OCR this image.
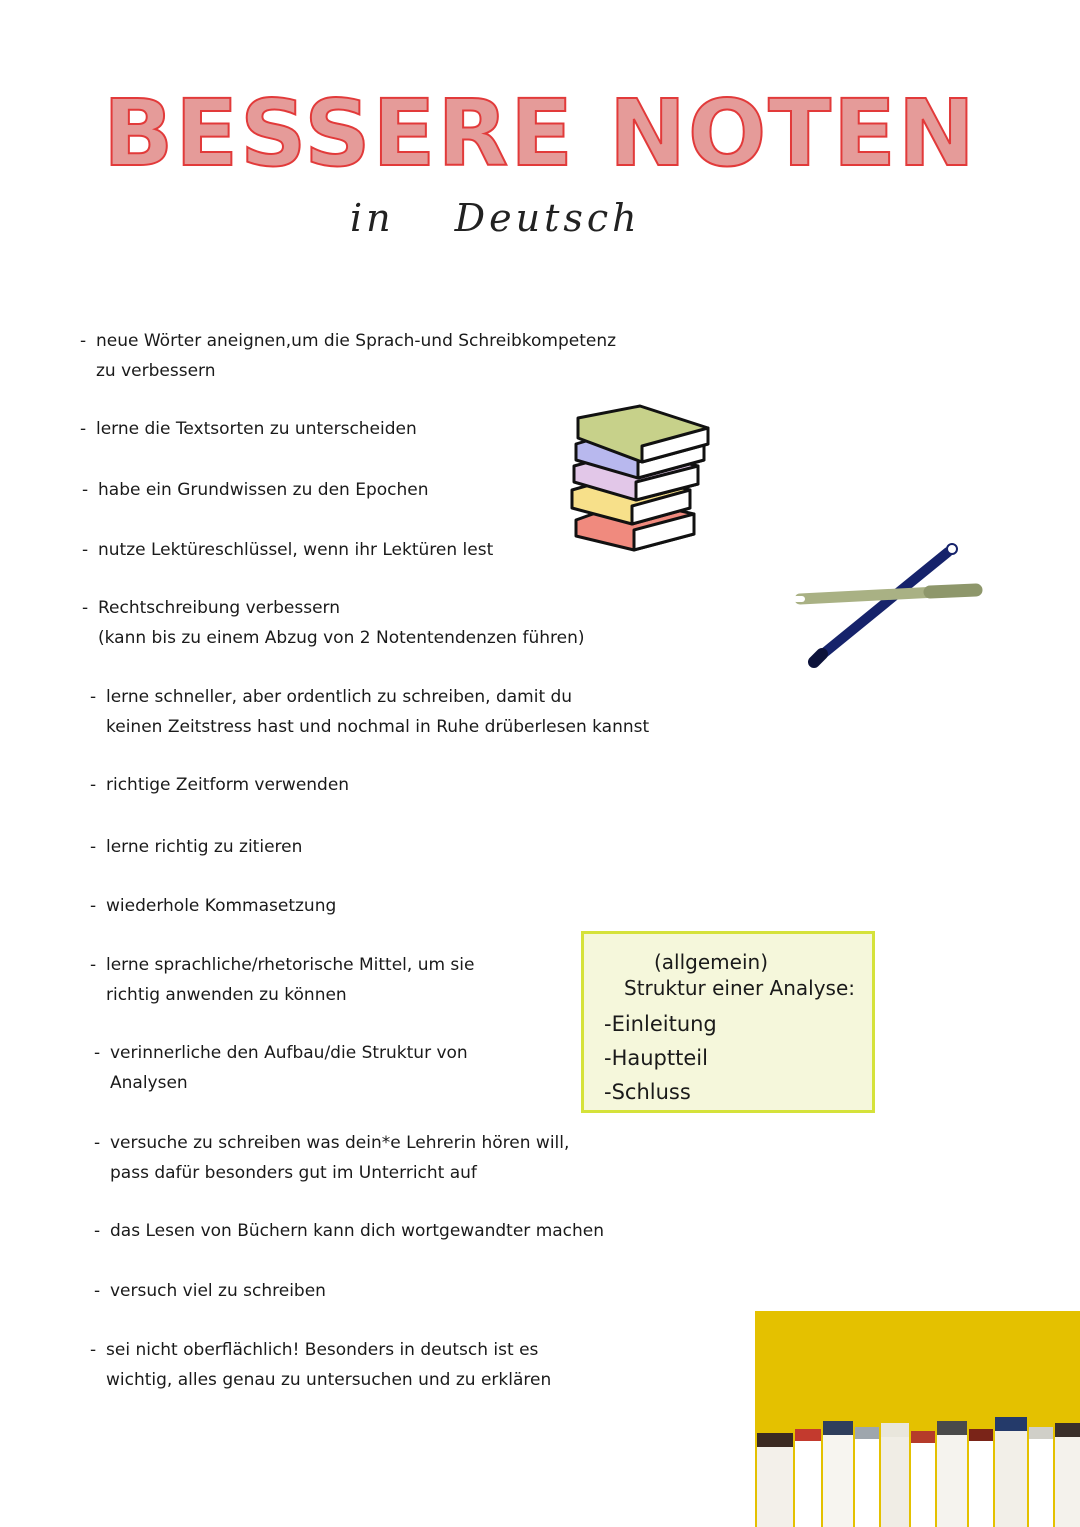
BESSERE NOTEN
in Deutsch
- neue Wörter aneignen,um die Sprach-und Schreibkompetenz
zu verbessern
- lerne die Textsorten zu unterscheiden
- habe ein Grundwissen zu den Epochen
- nutze Lektüreschlüssel, wenn ihr Lektüren lest
- Rechtschreibung verbessern
(kann bis zu einem Abzug von 2 Notentendenzen führen)
- lerne schneller, aber ordentlich zu schreiben, damit du
keinen Zeitstress hast und nochmal in Ruhe drüberlesen kannst
- richtige Zeitform verwenden
- lerne richtig zu zitieren
- wiederhole Kommasetzung
- lerne sprachliche/rhetorische Mittel, um sie
richtig anwenden zu können
- verinnerliche den Aufbau/die Struktur von
Analysen
- versuche zu schreiben was dein*e Lehrerin hören will,
pass dafür besonders gut im Unterricht auf
- das Lesen von Büchern kann dich wortgewandter machen
- versuch viel zu schreiben
- sei nicht oberflächlich! Besonders in deutsch ist es
wichtig, alles genau zu untersuchen und zu erklären
(allgemein)
Struktur einer Analyse:
-Einleitung
-Hauptteil
-Schluss
